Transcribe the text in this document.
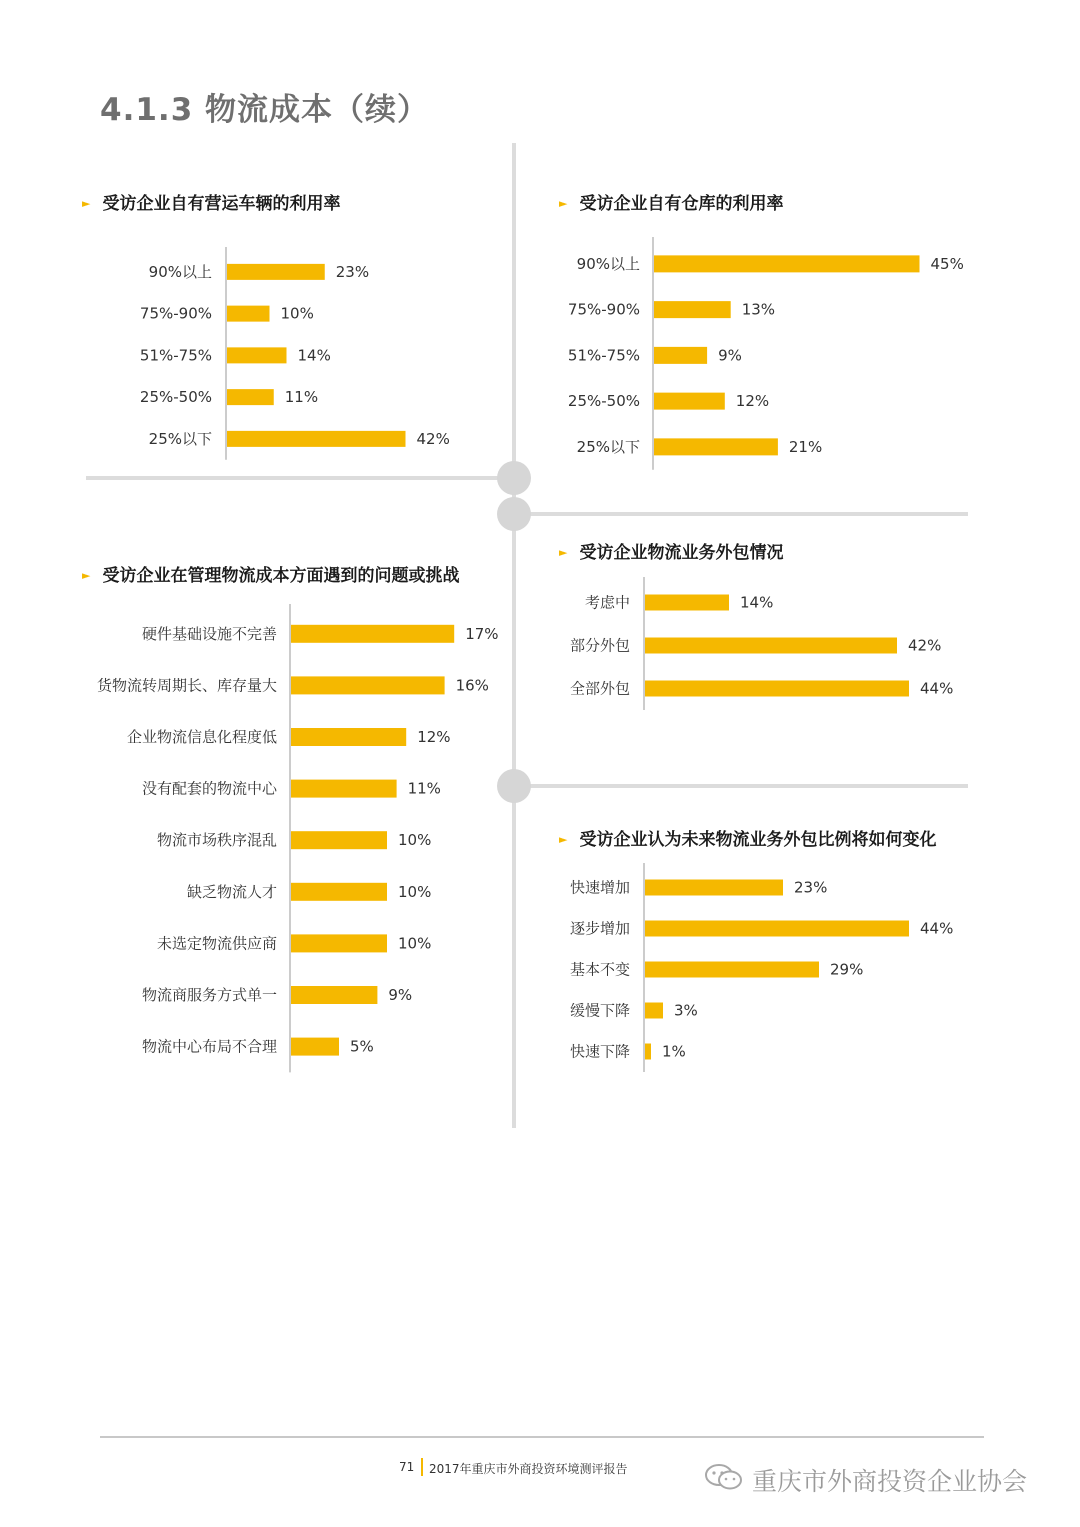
4.1.3 物流成本（续）
► 受访企业自有营运车辆的利用率
90%以上	23%
75%-90%	10%
51%-75%	14%
25%-50%	11%
25%以下	42%
► 受访企业自有仓库的利用率
90%以上	45%
75%-90%	13%
51%-75%	9%
25%-50%	12%
25%以下	21%
► 受访企业在管理物流成本方面遇到的问题或挑战
硬件基础设施不完善	17%
货物流转周期长、库存量大	16%
企业物流信息化程度低	12%
没有配套的物流中心	11%
物流市场秩序混乱	10%
缺乏物流人才	10%
未选定物流供应商	10%
物流商服务方式单一	9%
物流中心布局不合理	5%
► 受访企业物流业务外包情况
考虑中	14%
部分外包	42%
全部外包	44%
► 受访企业认为未来物流业务外包比例将如何变化
快速增加	23%
逐步增加	44%
基本不变	29%
缓慢下降	3%
快速下降 1%
71 2017年重庆市外商投资环境测评报告	重庆市外商投资企业协会
